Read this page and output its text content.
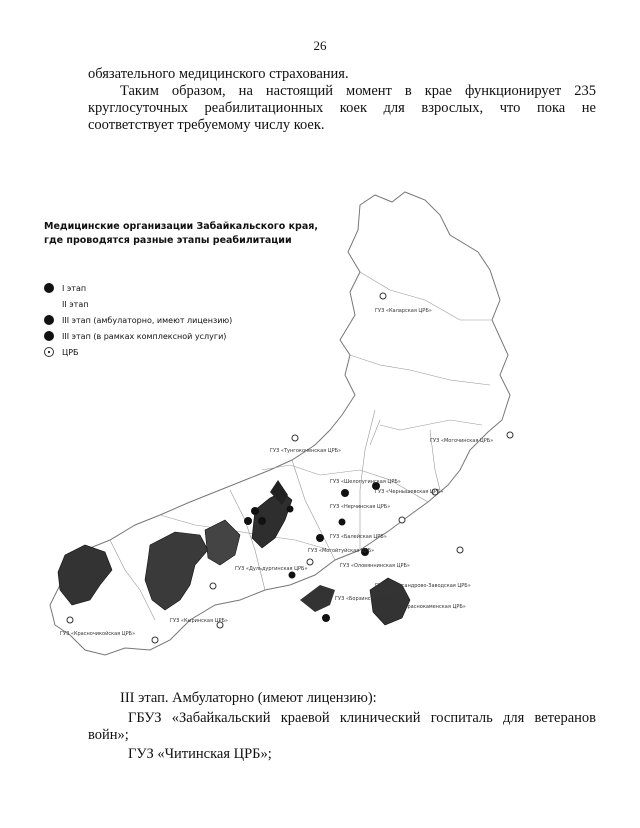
26
обязательного медицинского страхования.
Таким образом, на настоящий момент в крае функционирует 235
круглосуточных реабилитационных коек для взрослых, что пока не
соответствует требуемому числу коек.
ГУЗ «Каларская ЦРБ»
ГУЗ «Могочинская ЦРБ»
ГУЗ «Тунгокоченская ЦРБ»
ГУЗ «Шелопугинская ЦРБ»
ГУЗ «Чернышевская ЦРБ»
ГУЗ «Нерчинская ЦРБ»
ГУЗ «Балейская ЦРБ»
ГУЗ «Могойтуйская ЦРБ»
ГУЗ «Дульдургинская ЦРБ»	ГУЗ «Оловяннинская ЦРБ»
ГУЗ «Александрово-Заводская ЦРБ»
ГУЗ «Борзинская ЦРБ»
ГУЗ «Краснокаменская ЦРБ»
ГУЗ «Кыринская ЦРБ»
ГУЗ «Красночикойская ЦРБ»
Медицинские организации Забайкальского края,
где проводятся разные этапы реабилитации
I этап
II этап
III этап (амбулаторно, имеют лицензию)
III этап (в рамках комплексной услуги)
ЦРБ
III этап. Амбулаторно (имеют лицензию):
ГБУЗ «Забайкальский краевой клинический госпиталь для ветеранов
войн»;
ГУЗ «Читинская ЦРБ»;
